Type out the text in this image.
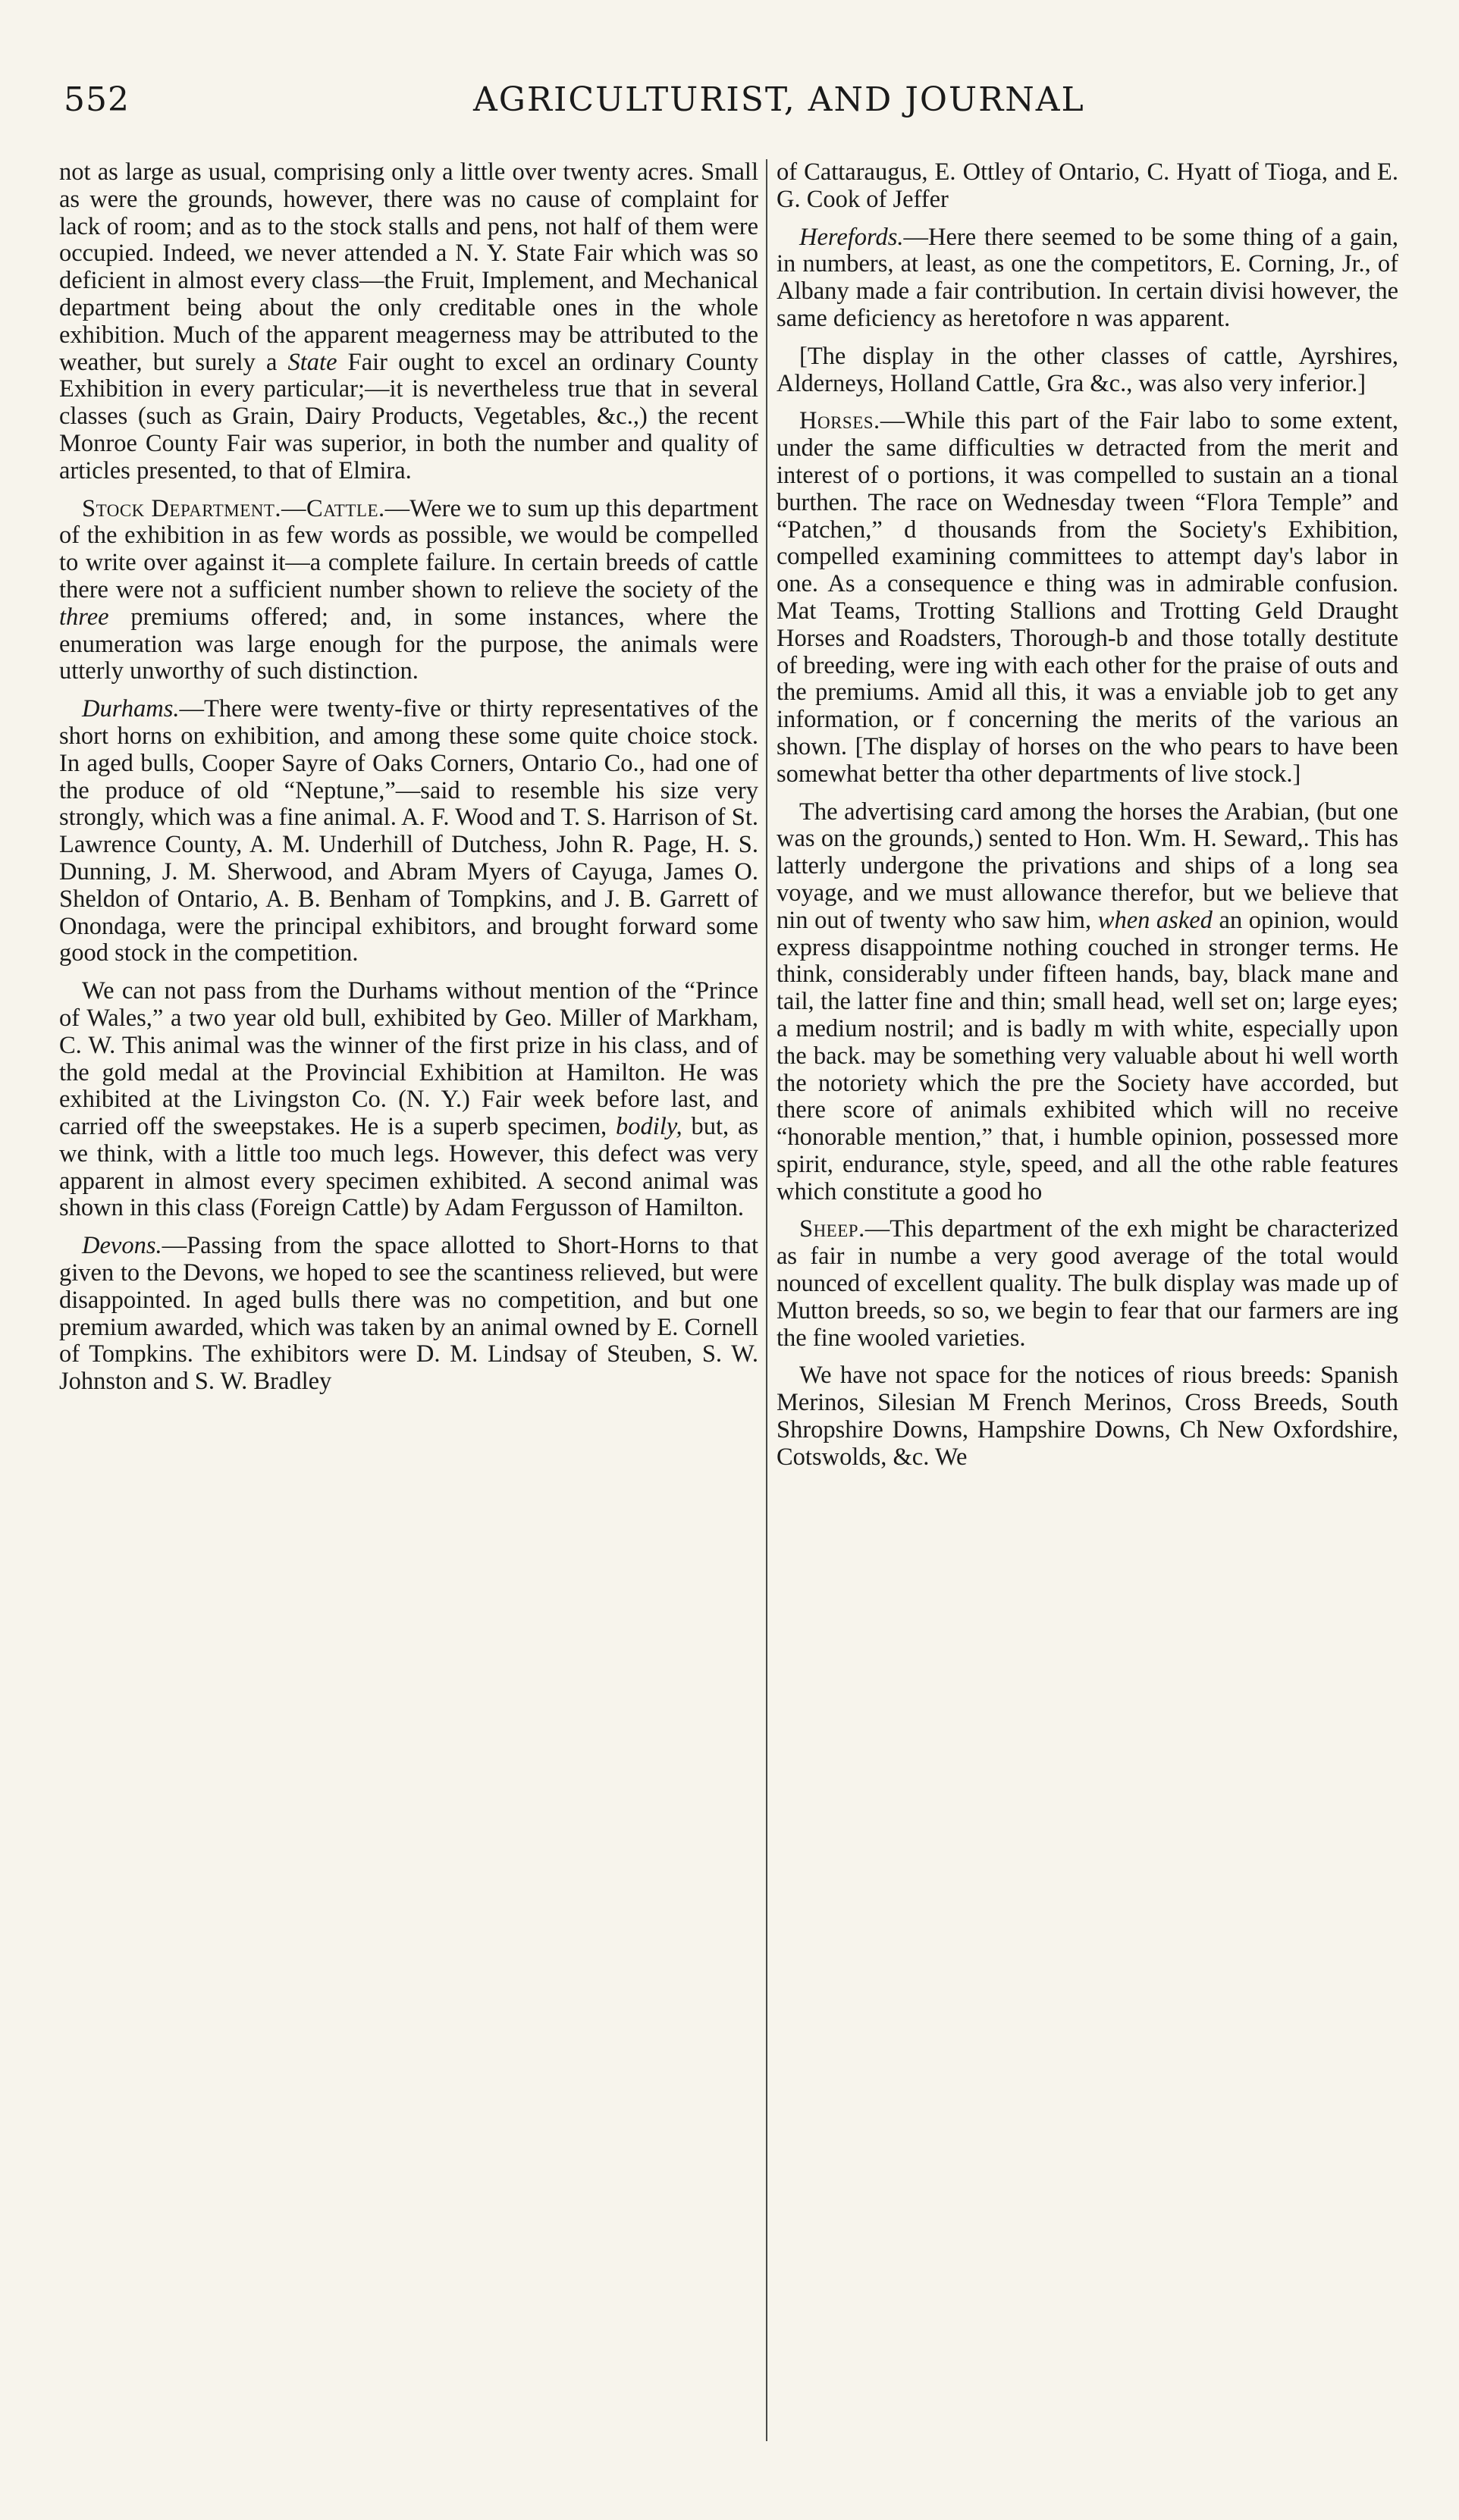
552	AGRICULTURIST, AND JOURNAL

not as large as usual, comprising only a little over twenty acres. Small as were the grounds, however, there was no cause of complaint for lack of room; and as to the stock stalls and pens, not half of them were occupied. Indeed, we never attended a N. Y. State Fair which was so deficient in almost every class—the Fruit, Implement, and Mechanical department being about the only creditable ones in the whole exhibition. Much of the apparent meagerness may be attributed to the weather, but surely a State Fair ought to excel an ordinary County Exhibition in every particular;—it is nevertheless true that in several classes (such as Grain, Dairy Products, Vegetables, &c.,) the recent Monroe County Fair was superior, in both the number and quality of articles presented, to that of Elmira.

Stock Department.—Cattle.—Were we to sum up this department of the exhibition in as few words as possible, we would be compelled to write over against it—a complete failure. In certain breeds of cattle there were not a sufficient number shown to relieve the society of the three premiums offered; and, in some instances, where the enumeration was large enough for the purpose, the animals were utterly unworthy of such distinction.

Durhams.—There were twenty-five or thirty representatives of the short horns on exhibition, and among these some quite choice stock. In aged bulls, Cooper Sayre of Oaks Corners, Ontario Co., had one of the produce of old “Neptune,”—said to resemble his size very strongly, which was a fine animal. A. F. Wood and T. S. Harrison of St. Lawrence County, A. M. Underhill of Dutchess, John R. Page, H. S. Dunning, J. M. Sherwood, and Abram Myers of Cayuga, James O. Sheldon of Ontario, A. B. Benham of Tompkins, and J. B. Garrett of Onondaga, were the principal exhibitors, and brought forward some good stock in the competition.

We can not pass from the Durhams without mention of the “Prince of Wales,” a two year old bull, exhibited by Geo. Miller of Markham, C. W. This animal was the winner of the first prize in his class, and of the gold medal at the Provincial Exhibition at Hamilton. He was exhibited at the Livingston Co. (N. Y.) Fair week before last, and carried off the sweepstakes. He is a superb specimen, bodily, but, as we think, with a little too much legs. However, this defect was very apparent in almost every specimen exhibited. A second animal was shown in this class (Foreign Cattle) by Adam Fergusson of Hamilton.

Devons.—Passing from the space allotted to Short-Horns to that given to the Devons, we hoped to see the scantiness relieved, but were disappointed. In aged bulls there was no competition, and but one premium awarded, which was taken by an animal owned by E. Cornell of Tompkins. The exhibitors were D. M. Lindsay of Steuben, S. W. Johnston and S. W. Bradley

of Cattaraugus, E. Ottley of Ontario, C. Hyatt of Tioga, and E. G. Cook of Jeffer

Herefords.—Here there seemed to be some thing of a gain, in numbers, at least, as one the competitors, E. Corning, Jr., of Albany made a fair contribution. In certain divisi however, the same deficiency as heretofore n was apparent.

[The display in the other classes of cattle, Ayrshires, Alderneys, Holland Cattle, Gra &c., was also very inferior.]

Horses.—While this part of the Fair labo to some extent, under the same difficulties w detracted from the merit and interest of o portions, it was compelled to sustain an a tional burthen. The race on Wednesday tween “Flora Temple” and “Patchen,” d thousands from the Society's Exhibition, compelled examining committees to attempt day's labor in one. As a consequence e thing was in admirable confusion. Mat Teams, Trotting Stallions and Trotting Geld Draught Horses and Roadsters, Thorough-b and those totally destitute of breeding, were ing with each other for the praise of outs and the premiums. Amid all this, it was a enviable job to get any information, or f concerning the merits of the various an shown. [The display of horses on the who pears to have been somewhat better tha other departments of live stock.]

The advertising card among the horses the Arabian, (but one was on the grounds,) sented to Hon. Wm. H. Seward,. This has latterly undergone the privations and ships of a long sea voyage, and we must allowance therefor, but we believe that nin out of twenty who saw him, when asked an opinion, would express disappointme nothing couched in stronger terms. He think, considerably under fifteen hands, bay, black mane and tail, the latter fine and thin; small head, well set on; large eyes; a medium nostril; and is badly m with white, especially upon the back. may be something very valuable about hi well worth the notoriety which the pre the Society have accorded, but there score of animals exhibited which will no receive “honorable mention,” that, i humble opinion, possessed more spirit, endurance, style, speed, and all the othe rable features which constitute a good ho

Sheep.—This department of the exh might be characterized as fair in numbe a very good average of the total would nounced of excellent quality. The bulk display was made up of Mutton breeds, so so, we begin to fear that our farmers are ing the fine wooled varieties.

We have not space for the notices of rious breeds: Spanish Merinos, Silesian M French Merinos, Cross Breeds, South Shropshire Downs, Hampshire Downs, Ch New Oxfordshire, Cotswolds, &c. We
